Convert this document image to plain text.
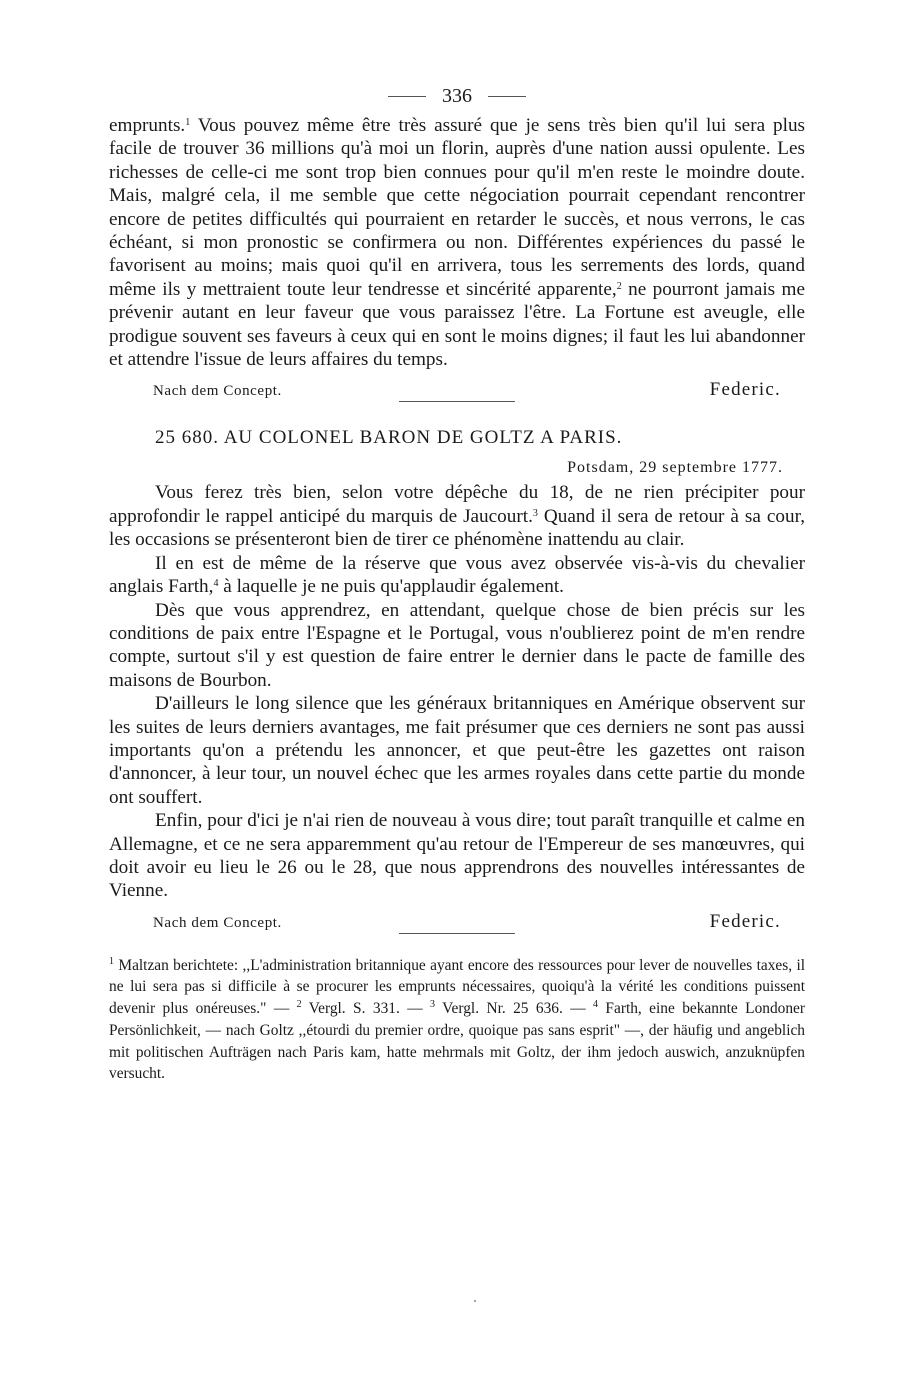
336

emprunts.$^1$ Vous pouvez même être très assuré que je sens très bien qu'il lui sera plus facile de trouver 36 millions qu'à moi un florin, auprès d'une nation aussi opulente. Les richesses de celle-ci me sont trop bien connues pour qu'il m'en reste le moindre doute. Mais, malgré cela, il me semble que cette négociation pourrait cependant rencontrer encore de petites difficultés qui pourraient en retarder le succès, et nous verrons, le cas échéant, si mon pronostic se confirmera ou non. Différentes expériences du passé le favorisent au moins; mais quoi qu'il en arrivera, tous les serrements des lords, quand même ils y mettraient toute leur tendresse et sincérité apparente,$^2$ ne pourront jamais me prévenir autant en leur faveur que vous paraissez l'être. La Fortune est aveugle, elle prodigue souvent ses faveurs à ceux qui en sont le moins dignes; il faut les lui abandonner et attendre l'issue de leurs affaires du temps.

Nach dem Concept.	Federic.
25 680. AU COLONEL BARON DE GOLTZ A PARIS.
Potsdam, 29 septembre 1777.

Vous ferez très bien, selon votre dépêche du 18, de ne rien précipiter pour approfondir le rappel anticipé du marquis de Jaucourt.$^3$ Quand il sera de retour à sa cour, les occasions se présenteront bien de tirer ce phénomène inattendu au clair.

Il en est de même de la réserve que vous avez observée vis-à-vis du chevalier anglais Farth,$^4$ à laquelle je ne puis qu'applaudir également.

Dès que vous apprendrez, en attendant, quelque chose de bien précis sur les conditions de paix entre l'Espagne et le Portugal, vous n'oublierez point de m'en rendre compte, surtout s'il y est question de faire entrer le dernier dans le pacte de famille des maisons de Bourbon.

D'ailleurs le long silence que les généraux britanniques en Amérique observent sur les suites de leurs derniers avantages, me fait présumer que ces derniers ne sont pas aussi importants qu'on a prétendu les annoncer, et que peut-être les gazettes ont raison d'annoncer, à leur tour, un nouvel échec que les armes royales dans cette partie du monde ont souffert.

Enfin, pour d'ici je n'ai rien de nouveau à vous dire; tout paraît tranquille et calme en Allemagne, et ce ne sera apparemment qu'au retour de l'Empereur de ses manœuvres, qui doit avoir eu lieu le 26 ou le 28, que nous apprendrons des nouvelles intéressantes de Vienne.

Nach dem Concept.	Federic.

$^1$ Maltzan berichtete: ,,L'administration britannique ayant encore des ressources pour lever de nouvelles taxes, il ne lui sera pas si difficile à se procurer les emprunts nécessaires, quoiqu'à la vérité les conditions puissent devenir plus onéreuses." — $^2$ Vergl. S. 331. — $^3$ Vergl. Nr. 25 636. — $^4$ Farth, eine bekannte Londoner Persönlichkeit, — nach Goltz ,,étourdi du premier ordre, quoique pas sans esprit" —, der häufig und angeblich mit politischen Aufträgen nach Paris kam, hatte mehrmals mit Goltz, der ihm jedoch auswich, anzuknüpfen versucht.
